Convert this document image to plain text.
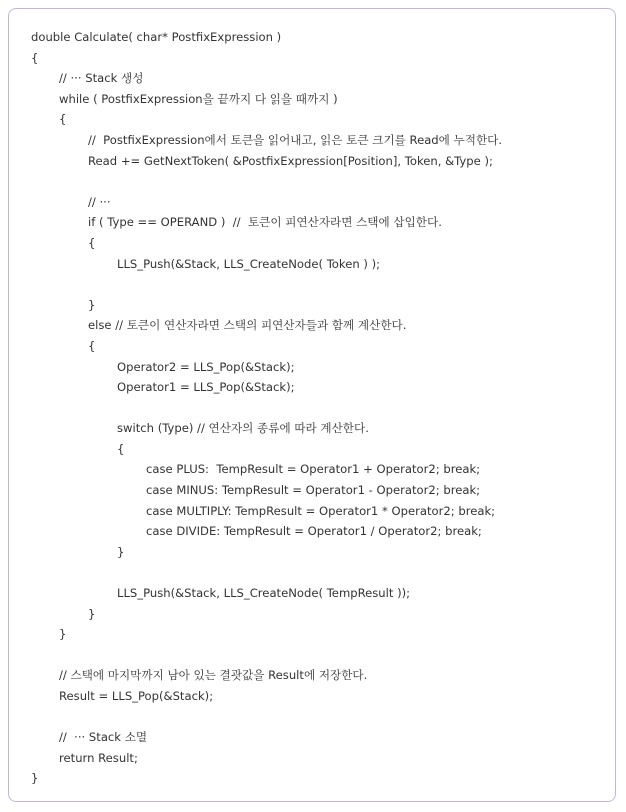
double Calculate( char* PostfixExpression )
{
// ··· Stack 생성
while ( PostfixExpression을 끝까지 다 읽을 때까지 )
{
//  PostfixExpression에서 토큰을 읽어내고, 읽은 토큰 크기를 Read에 누적한다.
Read += GetNextToken( &PostfixExpression[Position], Token, &Type );
// ···
if ( Type == OPERAND )  //  토큰이 피연산자라면 스택에 삽입한다.
{
LLS_Push(&Stack, LLS_CreateNode( Token ) );
}
else // 토큰이 연산자라면 스택의 피연산자들과 함께 계산한다.
{
Operator2 = LLS_Pop(&Stack);
Operator1 = LLS_Pop(&Stack);
switch (Type) // 연산자의 종류에 따라 계산한다.
{
case PLUS:  TempResult = Operator1 + Operator2; break;
case MINUS: TempResult = Operator1 - Operator2; break;
case MULTIPLY: TempResult = Operator1 * Operator2; break;
case DIVIDE: TempResult = Operator1 / Operator2; break;
}
LLS_Push(&Stack, LLS_CreateNode( TempResult ));
}
}
// 스택에 마지막까지 남아 있는 결괏값을 Result에 저장한다.
Result = LLS_Pop(&Stack);
//  ··· Stack 소멸
return Result;
}
